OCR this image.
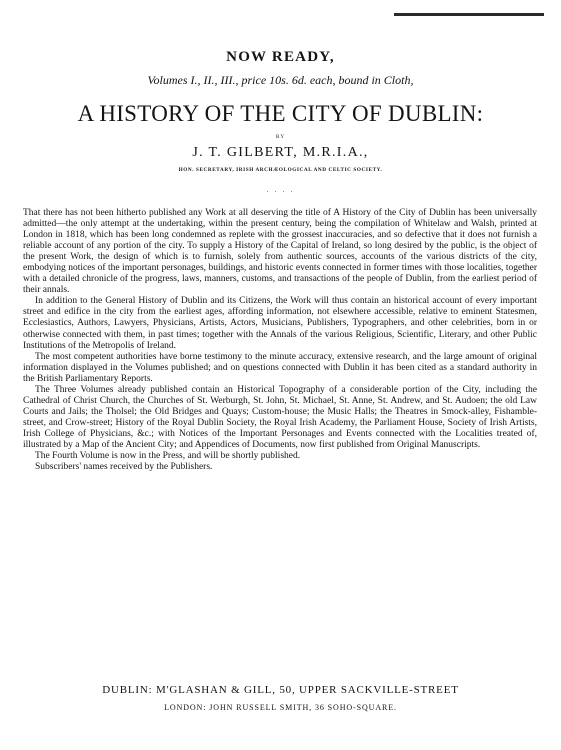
NOW READY,
Volumes I., II., III., price 10s. 6d. each, bound in Cloth,
A HISTORY OF THE CITY OF DUBLIN:
BY
J. T. GILBERT, M.R.I.A.,
HON. SECRETARY, IRISH ARCHÆOLOGICAL AND CELTIC SOCIETY.
. . . .

That there has not been hitherto published any Work at all deserving the title of A History of the City of Dublin has been universally admitted—the only attempt at the undertaking, within the present century, being the compilation of Whitelaw and Walsh, printed at London in 1818, which has been long condemned as replete with the grossest inaccuracies, and so defective that it does not furnish a reliable account of any portion of the city. To supply a History of the Capital of Ireland, so long desired by the public, is the object of the present Work, the design of which is to furnish, solely from authentic sources, accounts of the various districts of the city, embodying notices of the important personages, buildings, and historic events connected in former times with those localities, together with a detailed chronicle of the progress, laws, manners, customs, and transactions of the people of Dublin, from the earliest period of their annals.

In addition to the General History of Dublin and its Citizens, the Work will thus contain an historical account of every important street and edifice in the city from the earliest ages, affording information, not elsewhere accessible, relative to eminent Statesmen, Ecclesiastics, Authors, Lawyers, Physicians, Artists, Actors, Musicians, Publishers, Typographers, and other celebrities, born in or otherwise connected with them, in past times; together with the Annals of the various Religious, Scientific, Literary, and other Public Institutions of the Metropolis of Ireland.

The most competent authorities have borne testimony to the minute accuracy, extensive research, and the large amount of original information displayed in the Volumes published; and on questions connected with Dublin it has been cited as a standard authority in the British Parliamentary Reports.

The Three Volumes already published contain an Historical Topography of a considerable portion of the City, including the Cathedral of Christ Church, the Churches of St. Werburgh, St. John, St. Michael, St. Anne, St. Andrew, and St. Audoen; the old Law Courts and Jails; the Tholsel; the Old Bridges and Quays; Custom-house; the Music Halls; the Theatres in Smock-alley, Fishamble-street, and Crow-street; History of the Royal Dublin Society, the Royal Irish Academy, the Parliament House, Society of Irish Artists, Irish College of Physicians, &c.; with Notices of the Important Personages and Events connected with the Localities treated of, illustrated by a Map of the Ancient City; and Appendices of Documents, now first published from Original Manuscripts.

The Fourth Volume is now in the Press, and will be shortly published.

Subscribers' names received by the Publishers.

DUBLIN: M'GLASHAN & GILL, 50, UPPER SACKVILLE-STREET
LONDON: JOHN RUSSELL SMITH, 36 SOHO-SQUARE.
